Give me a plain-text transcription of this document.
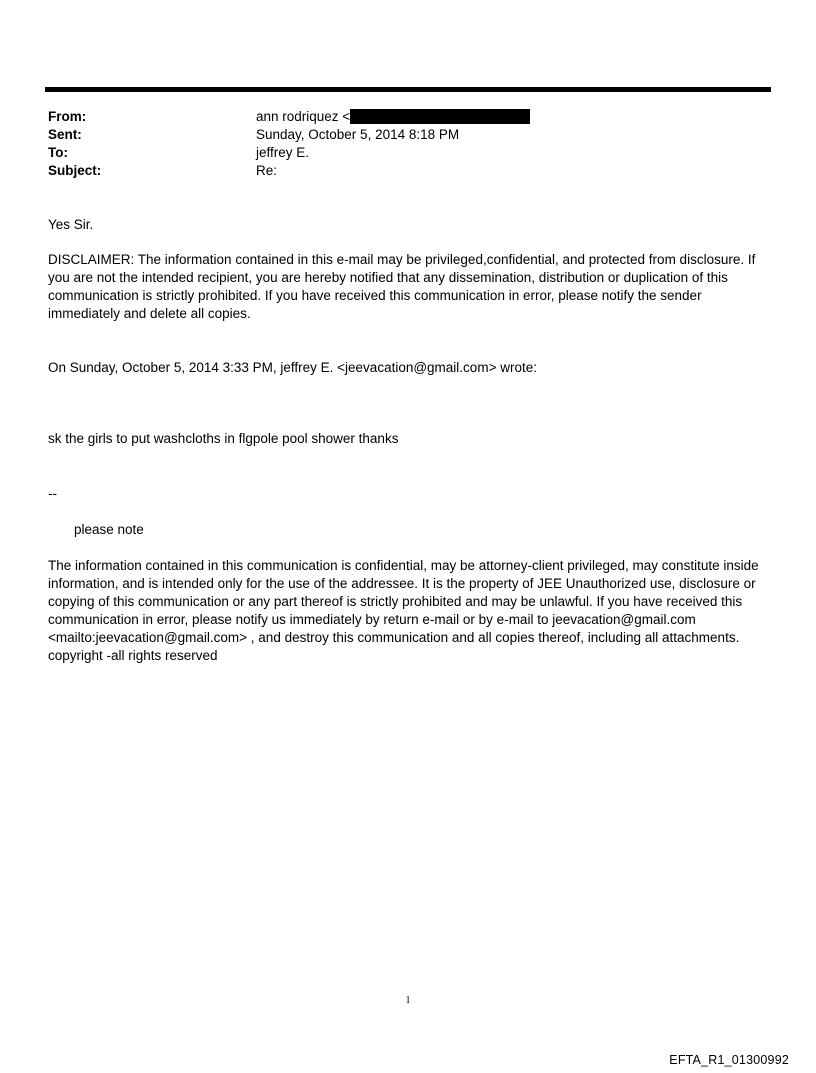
From:	ann rodriquez <
Sent:	Sunday, October 5, 2014 8:18 PM
To:	jeffrey E.
Subject:	Re:

Yes Sir.

DISCLAIMER: The information contained in this e-mail may be privileged,confidential, and protected from disclosure. If you are not the intended recipient, you are hereby notified that any dissemination, distribution or duplication of this communication is strictly prohibited. If you have received this communication in error, please notify the sender immediately and delete all copies.

On Sunday, October 5, 2014 3:33 PM, jeffrey E. <jeevacation@gmail.com> wrote:

sk the girls to put washcloths in flgpole pool shower thanks

--

please note

The information contained in this communication is confidential, may be attorney-client privileged, may constitute inside information, and is intended only for the use of the addressee. It is the property of JEE Unauthorized use, disclosure or copying of this communication or any part thereof is strictly prohibited and may be unlawful. If you have received this communication in error, please notify us immediately by return e-mail or by e-mail to jeevacation@gmail.com <mailto:jeevacation@gmail.com> , and destroy this communication and all copies thereof, including all attachments. copyright -all rights reserved

1
EFTA_R1_01300992
